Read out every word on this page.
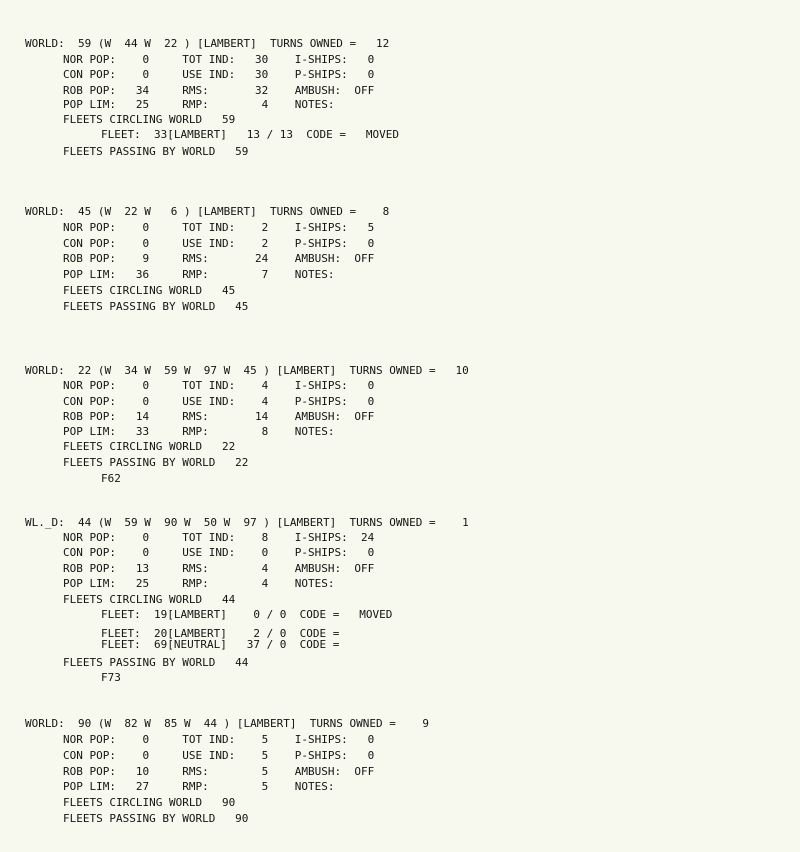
WORLD:  59 (W  44 W  22 ) [LAMBERT]  TURNS OWNED =   12
NOR POP:    0     TOT IND:   30    I-SHIPS:   0
CON POP:    0     USE IND:   30    P-SHIPS:   0
ROB POP:   34     RMS:       32    AMBUSH:  OFF
POP LIM:   25     RMP:        4    NOTES:
FLEETS CIRCLING WORLD   59
FLEET:  33[LAMBERT]   13 / 13  CODE =   MOVED
FLEETS PASSING BY WORLD   59
WORLD:  45 (W  22 W   6 ) [LAMBERT]  TURNS OWNED =    8
NOR POP:    0     TOT IND:    2    I-SHIPS:   5
CON POP:    0     USE IND:    2    P-SHIPS:   0
ROB POP:    9     RMS:       24    AMBUSH:  OFF
POP LIM:   36     RMP:        7    NOTES:
FLEETS CIRCLING WORLD   45
FLEETS PASSING BY WORLD   45
WORLD:  22 (W  34 W  59 W  97 W  45 ) [LAMBERT]  TURNS OWNED =   10
NOR POP:    0     TOT IND:    4    I-SHIPS:   0
CON POP:    0     USE IND:    4    P-SHIPS:   0
ROB POP:   14     RMS:       14    AMBUSH:  OFF
POP LIM:   33     RMP:        8    NOTES:
FLEETS CIRCLING WORLD   22
FLEETS PASSING BY WORLD   22
F62
WL._D:  44 (W  59 W  90 W  50 W  97 ) [LAMBERT]  TURNS OWNED =    1
NOR POP:    0     TOT IND:    8    I-SHIPS:  24
CON POP:    0     USE IND:    0    P-SHIPS:   0
ROB POP:   13     RMS:        4    AMBUSH:  OFF
POP LIM:   25     RMP:        4    NOTES:
FLEETS CIRCLING WORLD   44
FLEET:  19[LAMBERT]    0 / 0  CODE =   MOVED
FLEET:  20[LAMBERT]    2 / 0  CODE =
FLEET:  69[NEUTRAL]   37 / 0  CODE =
FLEETS PASSING BY WORLD   44
F73
WORLD:  90 (W  82 W  85 W  44 ) [LAMBERT]  TURNS OWNED =    9
NOR POP:    0     TOT IND:    5    I-SHIPS:   0
CON POP:    0     USE IND:    5    P-SHIPS:   0
ROB POP:   10     RMS:        5    AMBUSH:  OFF
POP LIM:   27     RMP:        5    NOTES:
FLEETS CIRCLING WORLD   90
FLEETS PASSING BY WORLD   90
